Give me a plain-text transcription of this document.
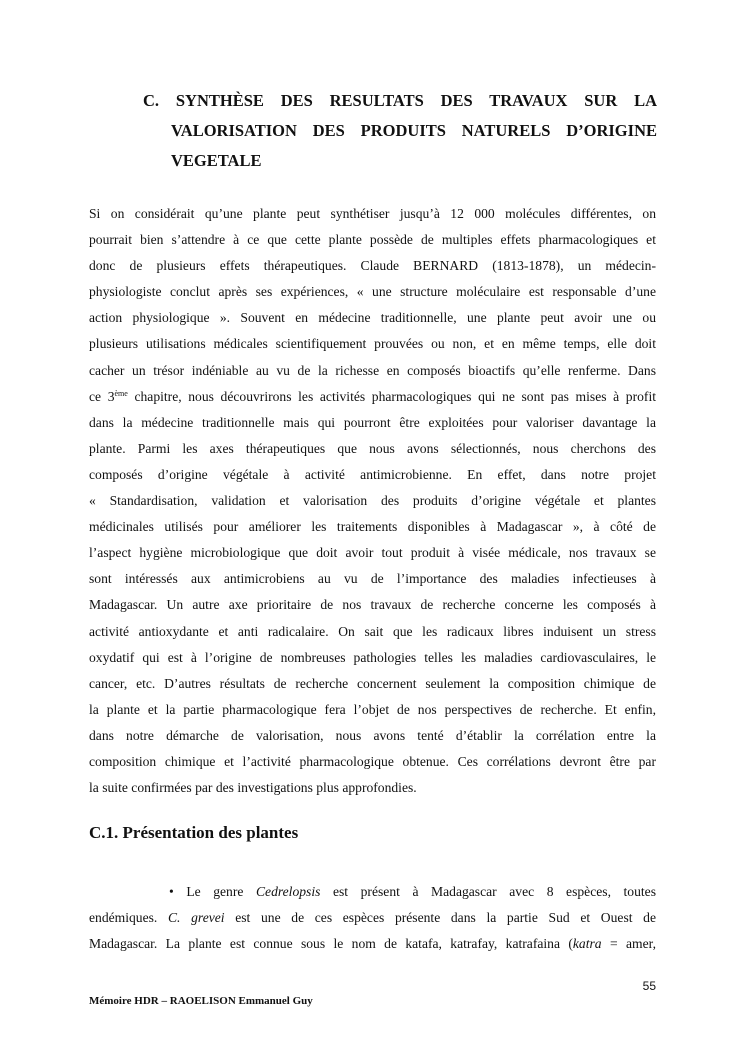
C. SYNTHÈSE DES RESULTATS DES TRAVAUX SUR LA
VALORISATION DES PRODUITS NATURELS D’ORIGINE
VEGETALE
Si on considérait qu’une plante peut synthétiser jusqu’à 12 000 molécules différentes, on
pourrait bien s’attendre à ce que cette plante possède de multiples effets pharmacologiques et
donc de plusieurs effets thérapeutiques. Claude BERNARD (1813-1878), un médecin-
physiologiste conclut après ses expériences, « une structure moléculaire est responsable d’une
action physiologique ». Souvent en médecine traditionnelle, une plante peut avoir une ou
plusieurs utilisations médicales scientifiquement prouvées ou non, et en même temps, elle doit
cacher un trésor indéniable au vu de la richesse en composés bioactifs qu’elle renferme. Dans
ce 3ème chapitre, nous découvrirons les activités pharmacologiques qui ne sont pas mises à profit
dans la médecine traditionnelle mais qui pourront être exploitées pour valoriser davantage la
plante. Parmi les axes thérapeutiques que nous avons sélectionnés, nous cherchons des
composés d’origine végétale à activité antimicrobienne. En effet, dans notre projet
« Standardisation, validation et valorisation des produits d’origine végétale et plantes
médicinales utilisés pour améliorer les traitements disponibles à Madagascar », à côté de
l’aspect hygiène microbiologique que doit avoir tout produit à visée médicale, nos travaux se
sont intéressés aux antimicrobiens au vu de l’importance des maladies infectieuses à
Madagascar. Un autre axe prioritaire de nos travaux de recherche concerne les composés à
activité antioxydante et anti radicalaire. On sait que les radicaux libres induisent un stress
oxydatif qui est à l’origine de nombreuses pathologies telles les maladies cardiovasculaires, le
cancer, etc. D’autres résultats de recherche concernent seulement la composition chimique de
la plante et la partie pharmacologique fera l’objet de nos perspectives de recherche. Et enfin,
dans notre démarche de valorisation, nous avons tenté d’établir la corrélation entre la
composition chimique et l’activité pharmacologique obtenue. Ces corrélations devront être par
la suite confirmées par des investigations plus approfondies.
C.1. Présentation des plantes
• Le genre Cedrelopsis est présent à Madagascar avec 8 espèces, toutes
endémiques. C. grevei est une de ces espèces présente dans la partie Sud et Ouest de
Madagascar. La plante est connue sous le nom de katafa, katrafay, katrafaina (katra = amer,
55
Mémoire HDR – RAOELISON Emmanuel Guy
